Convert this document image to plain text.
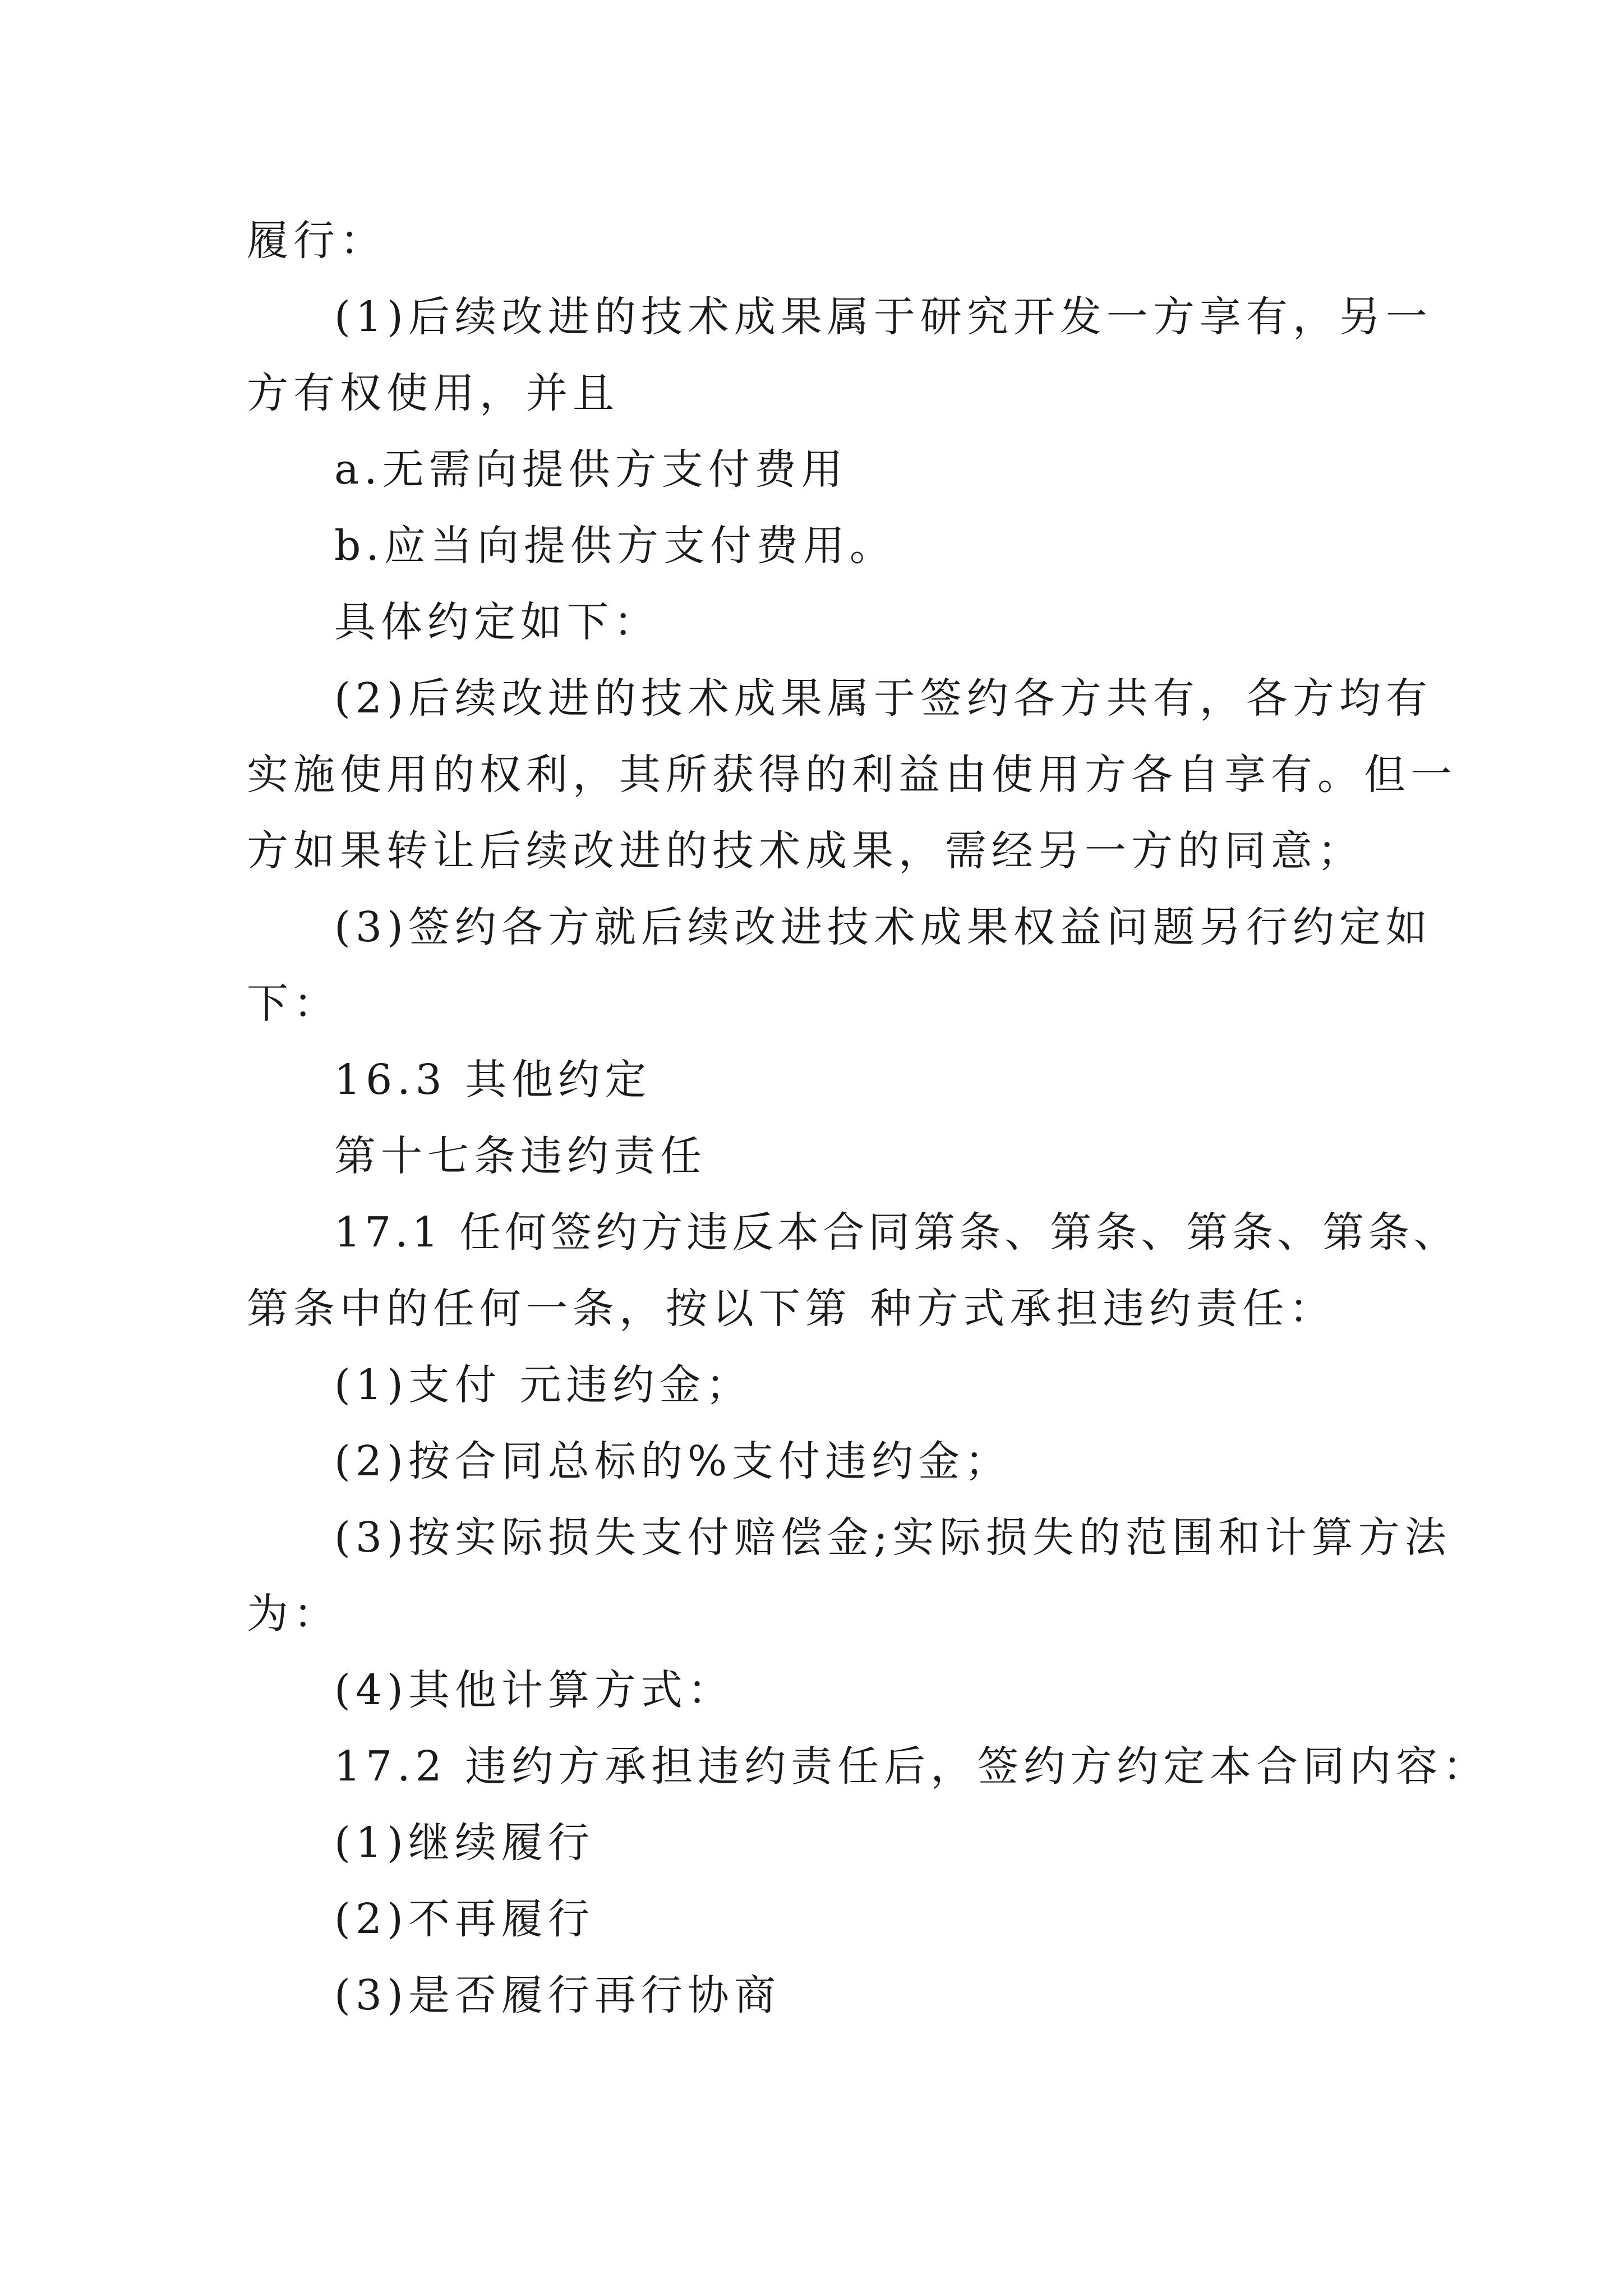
履行：

(1)后续改进的技术成果属于研究开发一方享有，另一

方有权使用，并且

a.无需向提供方支付费用

b.应当向提供方支付费用。

具体约定如下：

(2)后续改进的技术成果属于签约各方共有，各方均有

实施使用的权利，其所获得的利益由使用方各自享有。但一

方如果转让后续改进的技术成果，需经另一方的同意；

(3)签约各方就后续改进技术成果权益问题另行约定如

下：

16.3 其他约定

第十七条违约责任

17.1 任何签约方违反本合同第条、第条、第条、第条、

第条中的任何一条，按以下第 种方式承担违约责任：

(1)支付 元违约金；

(2)按合同总标的%支付违约金；

(3)按实际损失支付赔偿金;实际损失的范围和计算方法

为：

(4)其他计算方式：

17.2 违约方承担违约责任后，签约方约定本合同内容：

(1)继续履行

(2)不再履行

(3)是否履行再行协商
